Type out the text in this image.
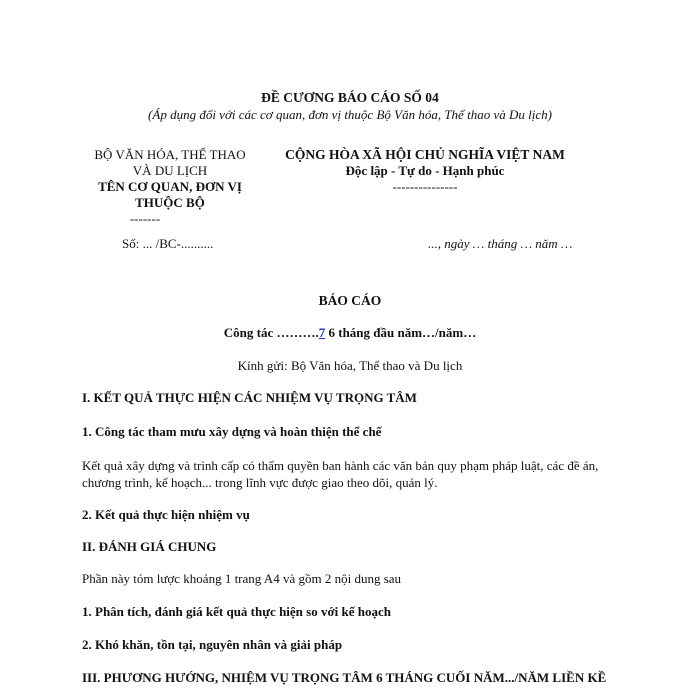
ĐỀ CƯƠNG BÁO CÁO SỐ 04
(Áp dụng đối với các cơ quan, đơn vị thuộc Bộ Văn hóa, Thể thao và Du lịch)
BỘ VĂN HÓA, THỂ THAO
VÀ DU LỊCH
TÊN CƠ QUAN, ĐƠN VỊ
THUỘC BỘ
-------
Số: ... /BC-..........
CỘNG HÒA XÃ HỘI CHỦ NGHĨA VIỆT NAM
Độc lập - Tự do - Hạnh phúc
---------------
..., ngày … tháng … năm …
BÁO CÁO
Công tác ……….7 6 tháng đầu năm…/năm…
Kính gửi: Bộ Văn hóa, Thể thao và Du lịch
I. KẾT QUẢ THỰC HIỆN CÁC NHIỆM VỤ TRỌNG TÂM
1. Công tác tham mưu xây dựng và hoàn thiện thể chế
Kết quả xây dựng và trình cấp có thẩm quyền ban hành các văn bản quy phạm pháp luật, các đề án, chương trình, kế hoạch... trong lĩnh vực được giao theo dõi, quản lý.
2. Kết quả thực hiện nhiệm vụ
II. ĐÁNH GIÁ CHUNG
Phần này tóm lược khoảng 1 trang A4 và gồm 2 nội dung sau
1. Phân tích, đánh giá kết quả thực hiện so với kế hoạch
2. Khó khăn, tồn tại, nguyên nhân và giải pháp
III. PHƯƠNG HƯỚNG, NHIỆM VỤ TRỌNG TÂM 6 THÁNG CUỐI NĂM.../NĂM LIỀN KỀ
